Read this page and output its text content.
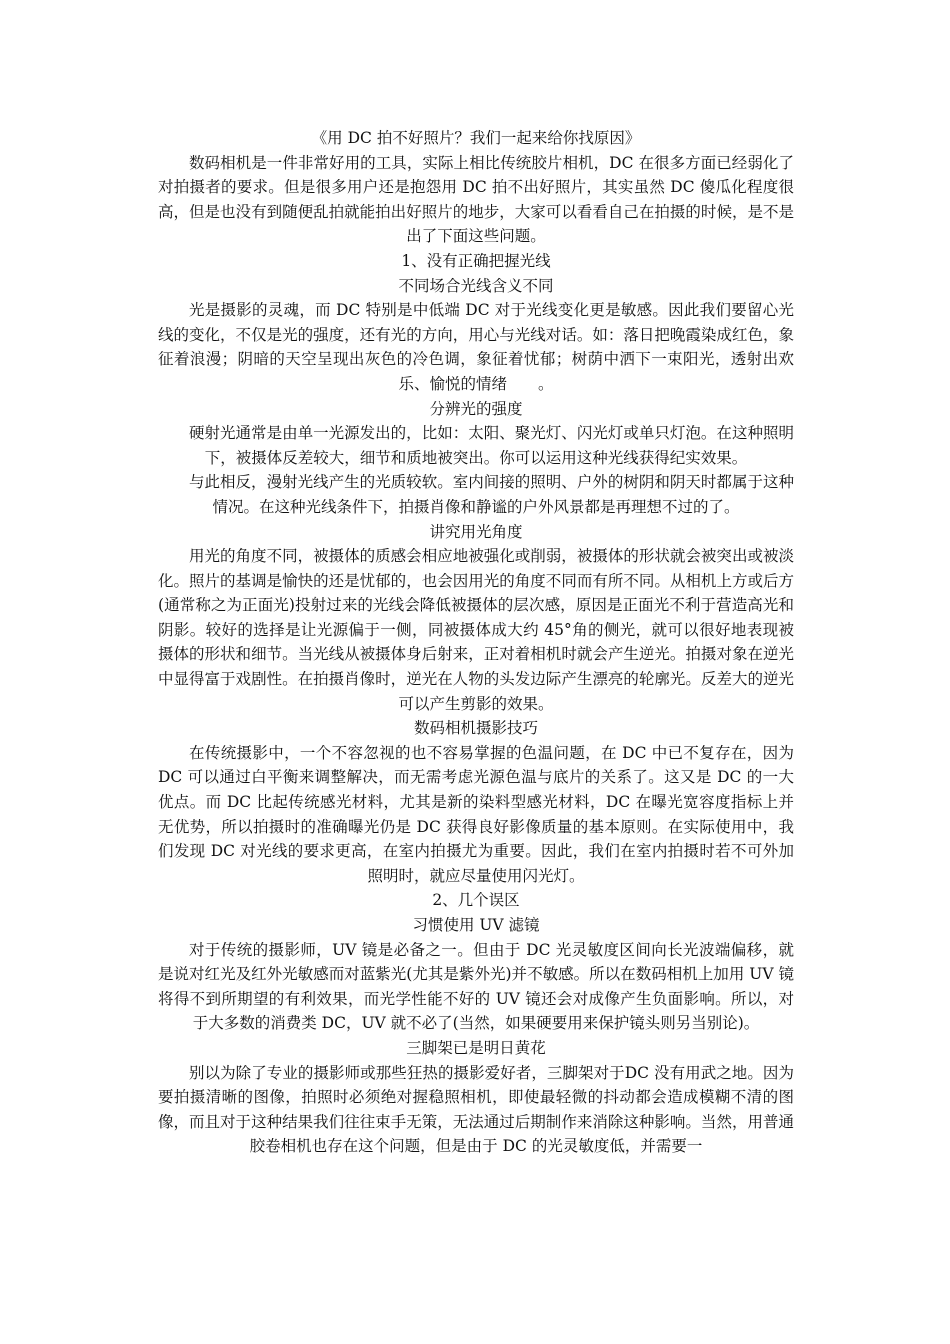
《用 DC 拍不好照片？我们一起来给你找原因》

数码相机是一件非常好用的工具，实际上相比传统胶片相机，DC 在很多方面已经弱化了对拍摄者的要求。但是很多用户还是抱怨用 DC 拍不出好照片，其实虽然 DC 傻瓜化程度很高，但是也没有到随便乱拍就能拍出好照片的地步，大家可以看看自己在拍摄的时候，是不是出了下面这些问题。

1、没有正确把握光线

不同场合光线含义不同

光是摄影的灵魂，而 DC 特别是中低端 DC 对于光线变化更是敏感。因此我们要留心光线的变化，不仅是光的强度，还有光的方向，用心与光线对话。如：落日把晚霞染成红色，象征着浪漫；阴暗的天空呈现出灰色的冷色调，象征着忧郁；树荫中洒下一束阳光，透射出欢乐、愉悦的情绪　　。

分辨光的强度

硬射光通常是由单一光源发出的，比如：太阳、聚光灯、闪光灯或单只灯泡。在这种照明下，被摄体反差较大，细节和质地被突出。你可以运用这种光线获得纪实效果。

与此相反，漫射光线产生的光质较软。室内间接的照明、户外的树阴和阴天时都属于这种情况。在这种光线条件下，拍摄肖像和静谧的户外风景都是再理想不过的了。

讲究用光角度

用光的角度不同，被摄体的质感会相应地被强化或削弱，被摄体的形状就会被突出或被淡化。照片的基调是愉快的还是忧郁的，也会因用光的角度不同而有所不同。从相机上方或后方(通常称之为正面光)投射过来的光线会降低被摄体的层次感，原因是正面光不利于营造高光和阴影。较好的选择是让光源偏于一侧，同被摄体成大约 45°角的侧光，就可以很好地表现被摄体的形状和细节。当光线从被摄体身后射来，正对着相机时就会产生逆光。拍摄对象在逆光中显得富于戏剧性。在拍摄肖像时，逆光在人物的头发边际产生漂亮的轮廓光。反差大的逆光可以产生剪影的效果。

数码相机摄影技巧

在传统摄影中，一个不容忽视的也不容易掌握的色温问题，在 DC 中已不复存在，因为 DC 可以通过白平衡来调整解决，而无需考虑光源色温与底片的关系了。这又是 DC 的一大优点。而 DC 比起传统感光材料，尤其是新的染料型感光材料，DC 在曝光宽容度指标上并无优势，所以拍摄时的准确曝光仍是 DC 获得良好影像质量的基本原则。在实际使用中，我们发现 DC 对光线的要求更高，在室内拍摄尤为重要。因此，我们在室内拍摄时若不可外加照明时，就应尽量使用闪光灯。

2、几个误区

习惯使用 UV 滤镜

对于传统的摄影师，UV 镜是必备之一。但由于 DC 光灵敏度区间向长光波端偏移，就是说对红光及红外光敏感而对蓝紫光(尤其是紫外光)并不敏感。所以在数码相机上加用 UV 镜将得不到所期望的有利效果，而光学性能不好的 UV 镜还会对成像产生负面影响。所以，对于大多数的消费类 DC，UV 就不必了(当然，如果硬要用来保护镜头则另当别论)。

三脚架已是明日黄花

别以为除了专业的摄影师或那些狂热的摄影爱好者，三脚架对于DC 没有用武之地。因为要拍摄清晰的图像，拍照时必须绝对握稳照相机，即使最轻微的抖动都会造成模糊不清的图像，而且对于这种结果我们往往束手无策，无法通过后期制作来消除这种影响。当然，用普通胶卷相机也存在这个问题，但是由于 DC 的光灵敏度低，并需要一
